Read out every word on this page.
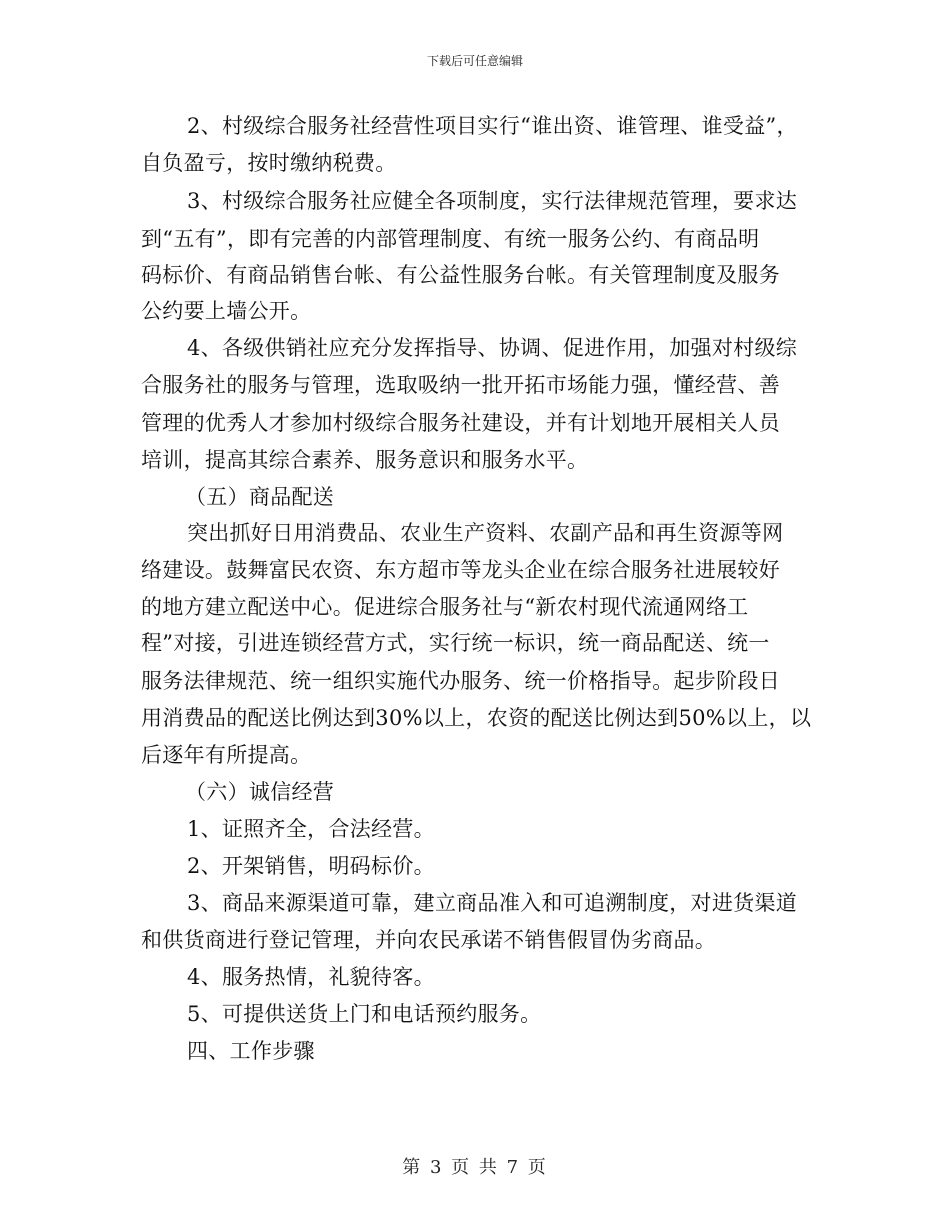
下载后可任意编辑
2、村级综合服务社经营性项目实行“谁出资、谁管理、谁受益”，
自负盈亏，按时缴纳税费。
3、村级综合服务社应健全各项制度，实行法律规范管理，要求达
到“五有”，即有完善的内部管理制度、有统一服务公约、有商品明
码标价、有商品销售台帐、有公益性服务台帐。有关管理制度及服务
公约要上墙公开。
4、各级供销社应充分发挥指导、协调、促进作用，加强对村级综
合服务社的服务与管理，选取吸纳一批开拓市场能力强，懂经营、善
管理的优秀人才参加村级综合服务社建设，并有计划地开展相关人员
培训，提高其综合素养、服务意识和服务水平。
（五）商品配送
突出抓好日用消费品、农业生产资料、农副产品和再生资源等网
络建设。鼓舞富民农资、东方超市等龙头企业在综合服务社进展较好
的地方建立配送中心。促进综合服务社与“新农村现代流通网络工
程”对接，引进连锁经营方式，实行统一标识，统一商品配送、统一
服务法律规范、统一组织实施代办服务、统一价格指导。起步阶段日
用消费品的配送比例达到30%以上，农资的配送比例达到50%以上，以
后逐年有所提高。
（六）诚信经营
1、证照齐全，合法经营。
2、开架销售，明码标价。
3、商品来源渠道可靠，建立商品准入和可追溯制度，对进货渠道
和供货商进行登记管理，并向农民承诺不销售假冒伪劣商品。
4、服务热情，礼貌待客。
5、可提供送货上门和电话预约服务。
四、工作步骤
第 3 页 共 7 页
